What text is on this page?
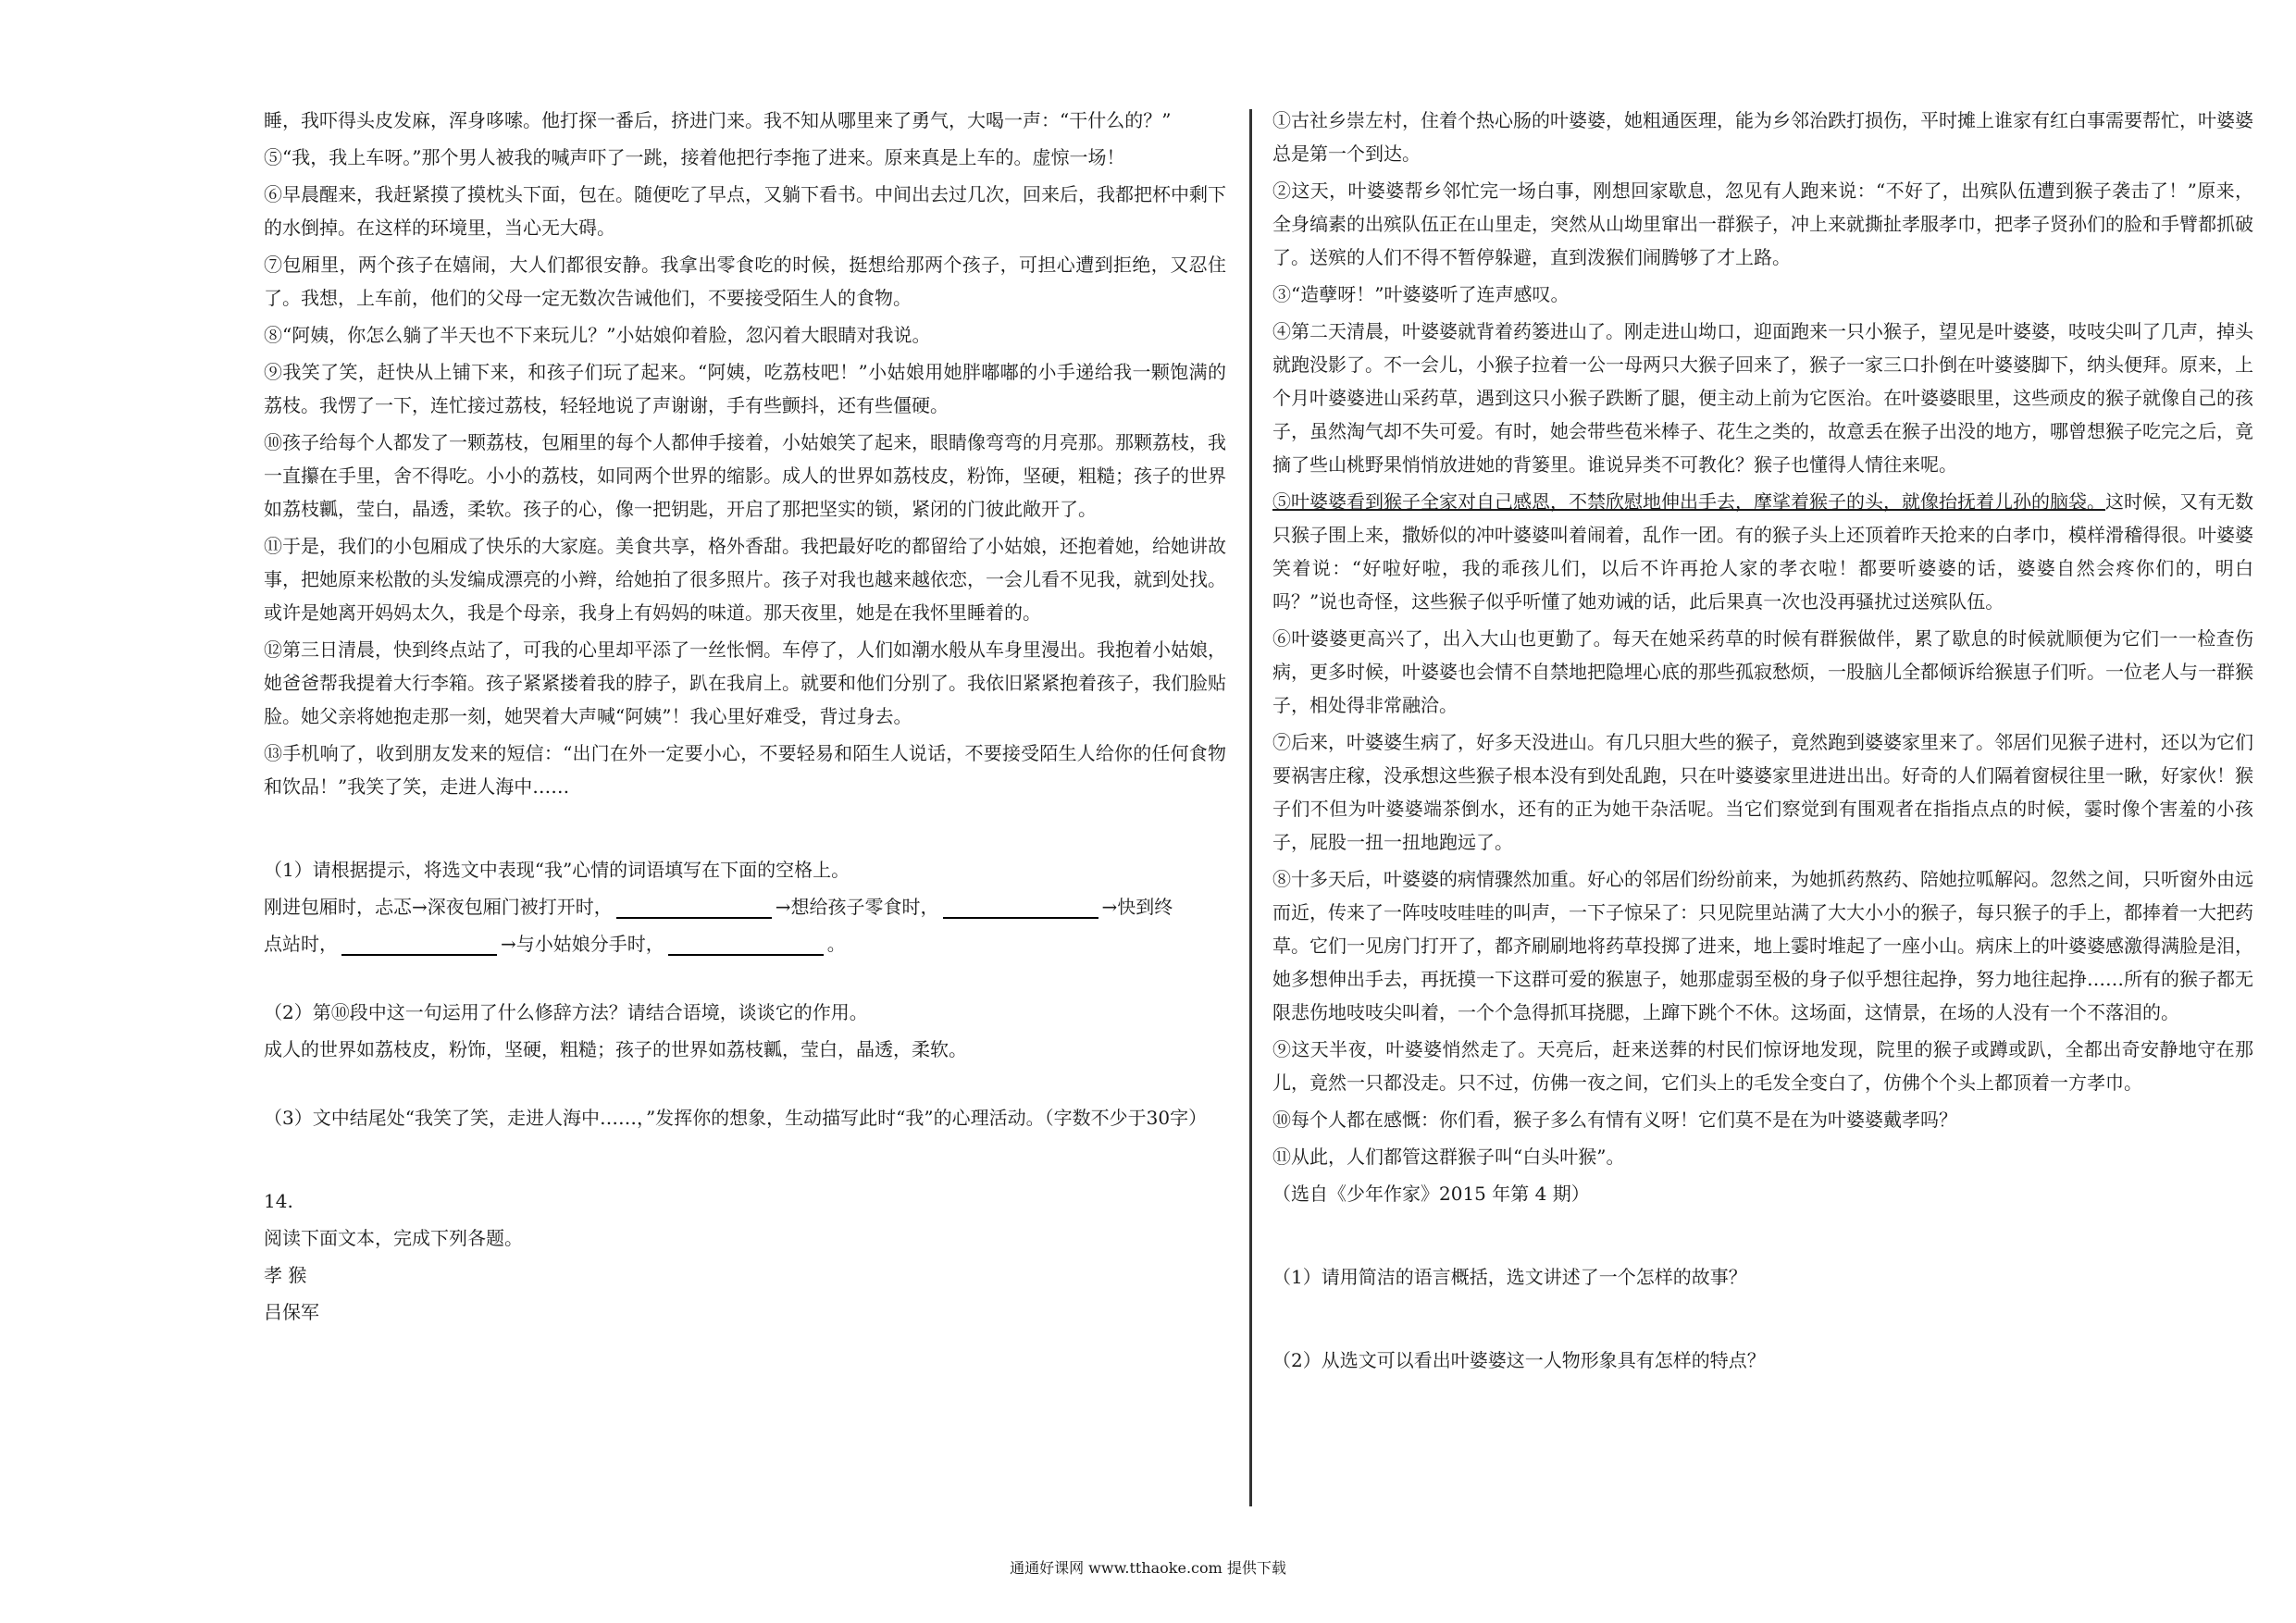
睡，我吓得头皮发麻，浑身哆嗦。他打探一番后，挤进门来。我不知从哪里来了勇气，大喝一声：“干什么的？”

⑤“我，我上车呀。”那个男人被我的喊声吓了一跳，接着他把行李拖了进来。原来真是上车的。虚惊一场！

⑥早晨醒来，我赶紧摸了摸枕头下面，包在。随便吃了早点，又躺下看书。中间出去过几次，回来后，我都把杯中剩下的水倒掉。在这样的环境里，当心无大碍。

⑦包厢里，两个孩子在嬉闹，大人们都很安静。我拿出零食吃的时候，挺想给那两个孩子，可担心遭到拒绝，又忍住了。我想，上车前，他们的父母一定无数次告诫他们，不要接受陌生人的食物。

⑧“阿姨，你怎么躺了半天也不下来玩儿？”小姑娘仰着脸，忽闪着大眼睛对我说。

⑨我笑了笑，赶快从上铺下来，和孩子们玩了起来。“阿姨，吃荔枝吧！”小姑娘用她胖嘟嘟的小手递给我一颗饱满的荔枝。我愣了一下，连忙接过荔枝，轻轻地说了声谢谢，手有些颤抖，还有些僵硬。

⑩孩子给每个人都发了一颗荔枝，包厢里的每个人都伸手接着，小姑娘笑了起来，眼睛像弯弯的月亮那。那颗荔枝，我一直攥在手里，舍不得吃。小小的荔枝，如同两个世界的缩影。成人的世界如荔枝皮，粉饰，坚硬，粗糙；孩子的世界如荔枝瓤，莹白，晶透，柔软。孩子的心，像一把钥匙，开启了那把坚实的锁，紧闭的门彼此敞开了。

⑪于是，我们的小包厢成了快乐的大家庭。美食共享，格外香甜。我把最好吃的都留给了小姑娘，还抱着她，给她讲故事，把她原来松散的头发编成漂亮的小辫，给她拍了很多照片。孩子对我也越来越依恋，一会儿看不见我，就到处找。或许是她离开妈妈太久，我是个母亲，我身上有妈妈的味道。那天夜里，她是在我怀里睡着的。

⑫第三日清晨，快到终点站了，可我的心里却平添了一丝怅惘。车停了，人们如潮水般从车身里漫出。我抱着小姑娘，她爸爸帮我提着大行李箱。孩子紧紧搂着我的脖子，趴在我肩上。就要和他们分别了。我依旧紧紧抱着孩子，我们脸贴脸。她父亲将她抱走那一刻，她哭着大声喊“阿姨”！我心里好难受，背过身去。

⑬手机响了，收到朋友发来的短信：“出门在外一定要小心，不要轻易和陌生人说话，不要接受陌生人给你的任何食物和饮品！”我笑了笑，走进人海中……

（1）请根据提示，将选文中表现“我”心情的词语填写在下面的空格上。

刚进包厢时，忐忑→深夜包厢门被打开时，	→想给孩子零食时，	→快到终

点站时，	→与小姑娘分手时，	。

（2）第⑩段中这一句运用了什么修辞方法？请结合语境，谈谈它的作用。

成人的世界如荔枝皮，粉饰，坚硬，粗糙；孩子的世界如荔枝瓤，莹白，晶透，柔软。

（3）文中结尾处“我笑了笑，走进人海中……，”发挥你的想象，生动描写此时“我”的心理活动。（字数不少于30字）

14.

阅读下面文本，完成下列各题。

孝 猴

吕保军

①古社乡崇左村，住着个热心肠的叶婆婆，她粗通医理，能为乡邻治跌打损伤，平时摊上谁家有红白事需要帮忙，叶婆婆总是第一个到达。

②这天，叶婆婆帮乡邻忙完一场白事，刚想回家歇息，忽见有人跑来说：“不好了，出殡队伍遭到猴子袭击了！”原来，全身缟素的出殡队伍正在山里走，突然从山坳里窜出一群猴子，冲上来就撕扯孝服孝巾，把孝子贤孙们的脸和手臂都抓破了。送殡的人们不得不暂停躲避，直到泼猴们闹腾够了才上路。

③“造孽呀！”叶婆婆听了连声感叹。

④第二天清晨，叶婆婆就背着药篓进山了。刚走进山坳口，迎面跑来一只小猴子，望见是叶婆婆，吱吱尖叫了几声，掉头就跑没影了。不一会儿，小猴子拉着一公一母两只大猴子回来了，猴子一家三口扑倒在叶婆婆脚下，纳头便拜。原来，上个月叶婆婆进山采药草，遇到这只小猴子跌断了腿，便主动上前为它医治。在叶婆婆眼里，这些顽皮的猴子就像自己的孩子，虽然淘气却不失可爱。有时，她会带些苞米棒子、花生之类的，故意丢在猴子出没的地方，哪曾想猴子吃完之后，竟摘了些山桃野果悄悄放进她的背篓里。谁说异类不可教化？猴子也懂得人情往来呢。

⑤叶婆婆看到猴子全家对自己感恩，不禁欣慰地伸出手去，摩挲着猴子的头，就像抬抚着儿孙的脑袋。这时候，又有无数只猴子围上来，撒娇似的冲叶婆婆叫着闹着，乱作一团。有的猴子头上还顶着昨天抢来的白孝巾，模样滑稽得很。叶婆婆笑着说：“好啦好啦，我的乖孩儿们，以后不许再抢人家的孝衣啦！都要听婆婆的话，婆婆自然会疼你们的，明白吗？”说也奇怪，这些猴子似乎听懂了她劝诫的话，此后果真一次也没再骚扰过送殡队伍。

⑥叶婆婆更高兴了，出入大山也更勤了。每天在她采药草的时候有群猴做伴，累了歇息的时候就顺便为它们一一检查伤病，更多时候，叶婆婆也会情不自禁地把隐埋心底的那些孤寂愁烦，一股脑儿全都倾诉给猴崽子们听。一位老人与一群猴子，相处得非常融洽。

⑦后来，叶婆婆生病了，好多天没进山。有几只胆大些的猴子，竟然跑到婆婆家里来了。邻居们见猴子进村，还以为它们要祸害庄稼，没承想这些猴子根本没有到处乱跑，只在叶婆婆家里进进出出。好奇的人们隔着窗棂往里一瞅，好家伙！猴子们不但为叶婆婆端茶倒水，还有的正为她干杂活呢。当它们察觉到有围观者在指指点点的时候，霎时像个害羞的小孩子，屁股一扭一扭地跑远了。

⑧十多天后，叶婆婆的病情骤然加重。好心的邻居们纷纷前来，为她抓药熬药、陪她拉呱解闷。忽然之间，只听窗外由远而近，传来了一阵吱吱哇哇的叫声，一下子惊呆了：只见院里站满了大大小小的猴子，每只猴子的手上，都捧着一大把药草。它们一见房门打开了，都齐刷刷地将药草投掷了进来，地上霎时堆起了一座小山。病床上的叶婆婆感激得满脸是泪，她多想伸出手去，再抚摸一下这群可爱的猴崽子，她那虚弱至极的身子似乎想往起挣，努力地往起挣……所有的猴子都无限悲伤地吱吱尖叫着，一个个急得抓耳挠腮，上蹿下跳个不休。这场面，这情景，在场的人没有一个不落泪的。

⑨这天半夜，叶婆婆悄然走了。天亮后，赶来送葬的村民们惊讶地发现，院里的猴子或蹲或趴，全都出奇安静地守在那儿，竟然一只都没走。只不过，仿佛一夜之间，它们头上的毛发全变白了，仿佛个个头上都顶着一方孝巾。

⑩每个人都在感慨：你们看，猴子多么有情有义呀！它们莫不是在为叶婆婆戴孝吗？

⑪从此，人们都管这群猴子叫“白头叶猴”。

（选自《少年作家》2015 年第 4 期）

（1）请用简洁的语言概括，选文讲述了一个怎样的故事？

（2）从选文可以看出叶婆婆这一人物形象具有怎样的特点？

通通好课网 www.tthaoke.com 提供下载
